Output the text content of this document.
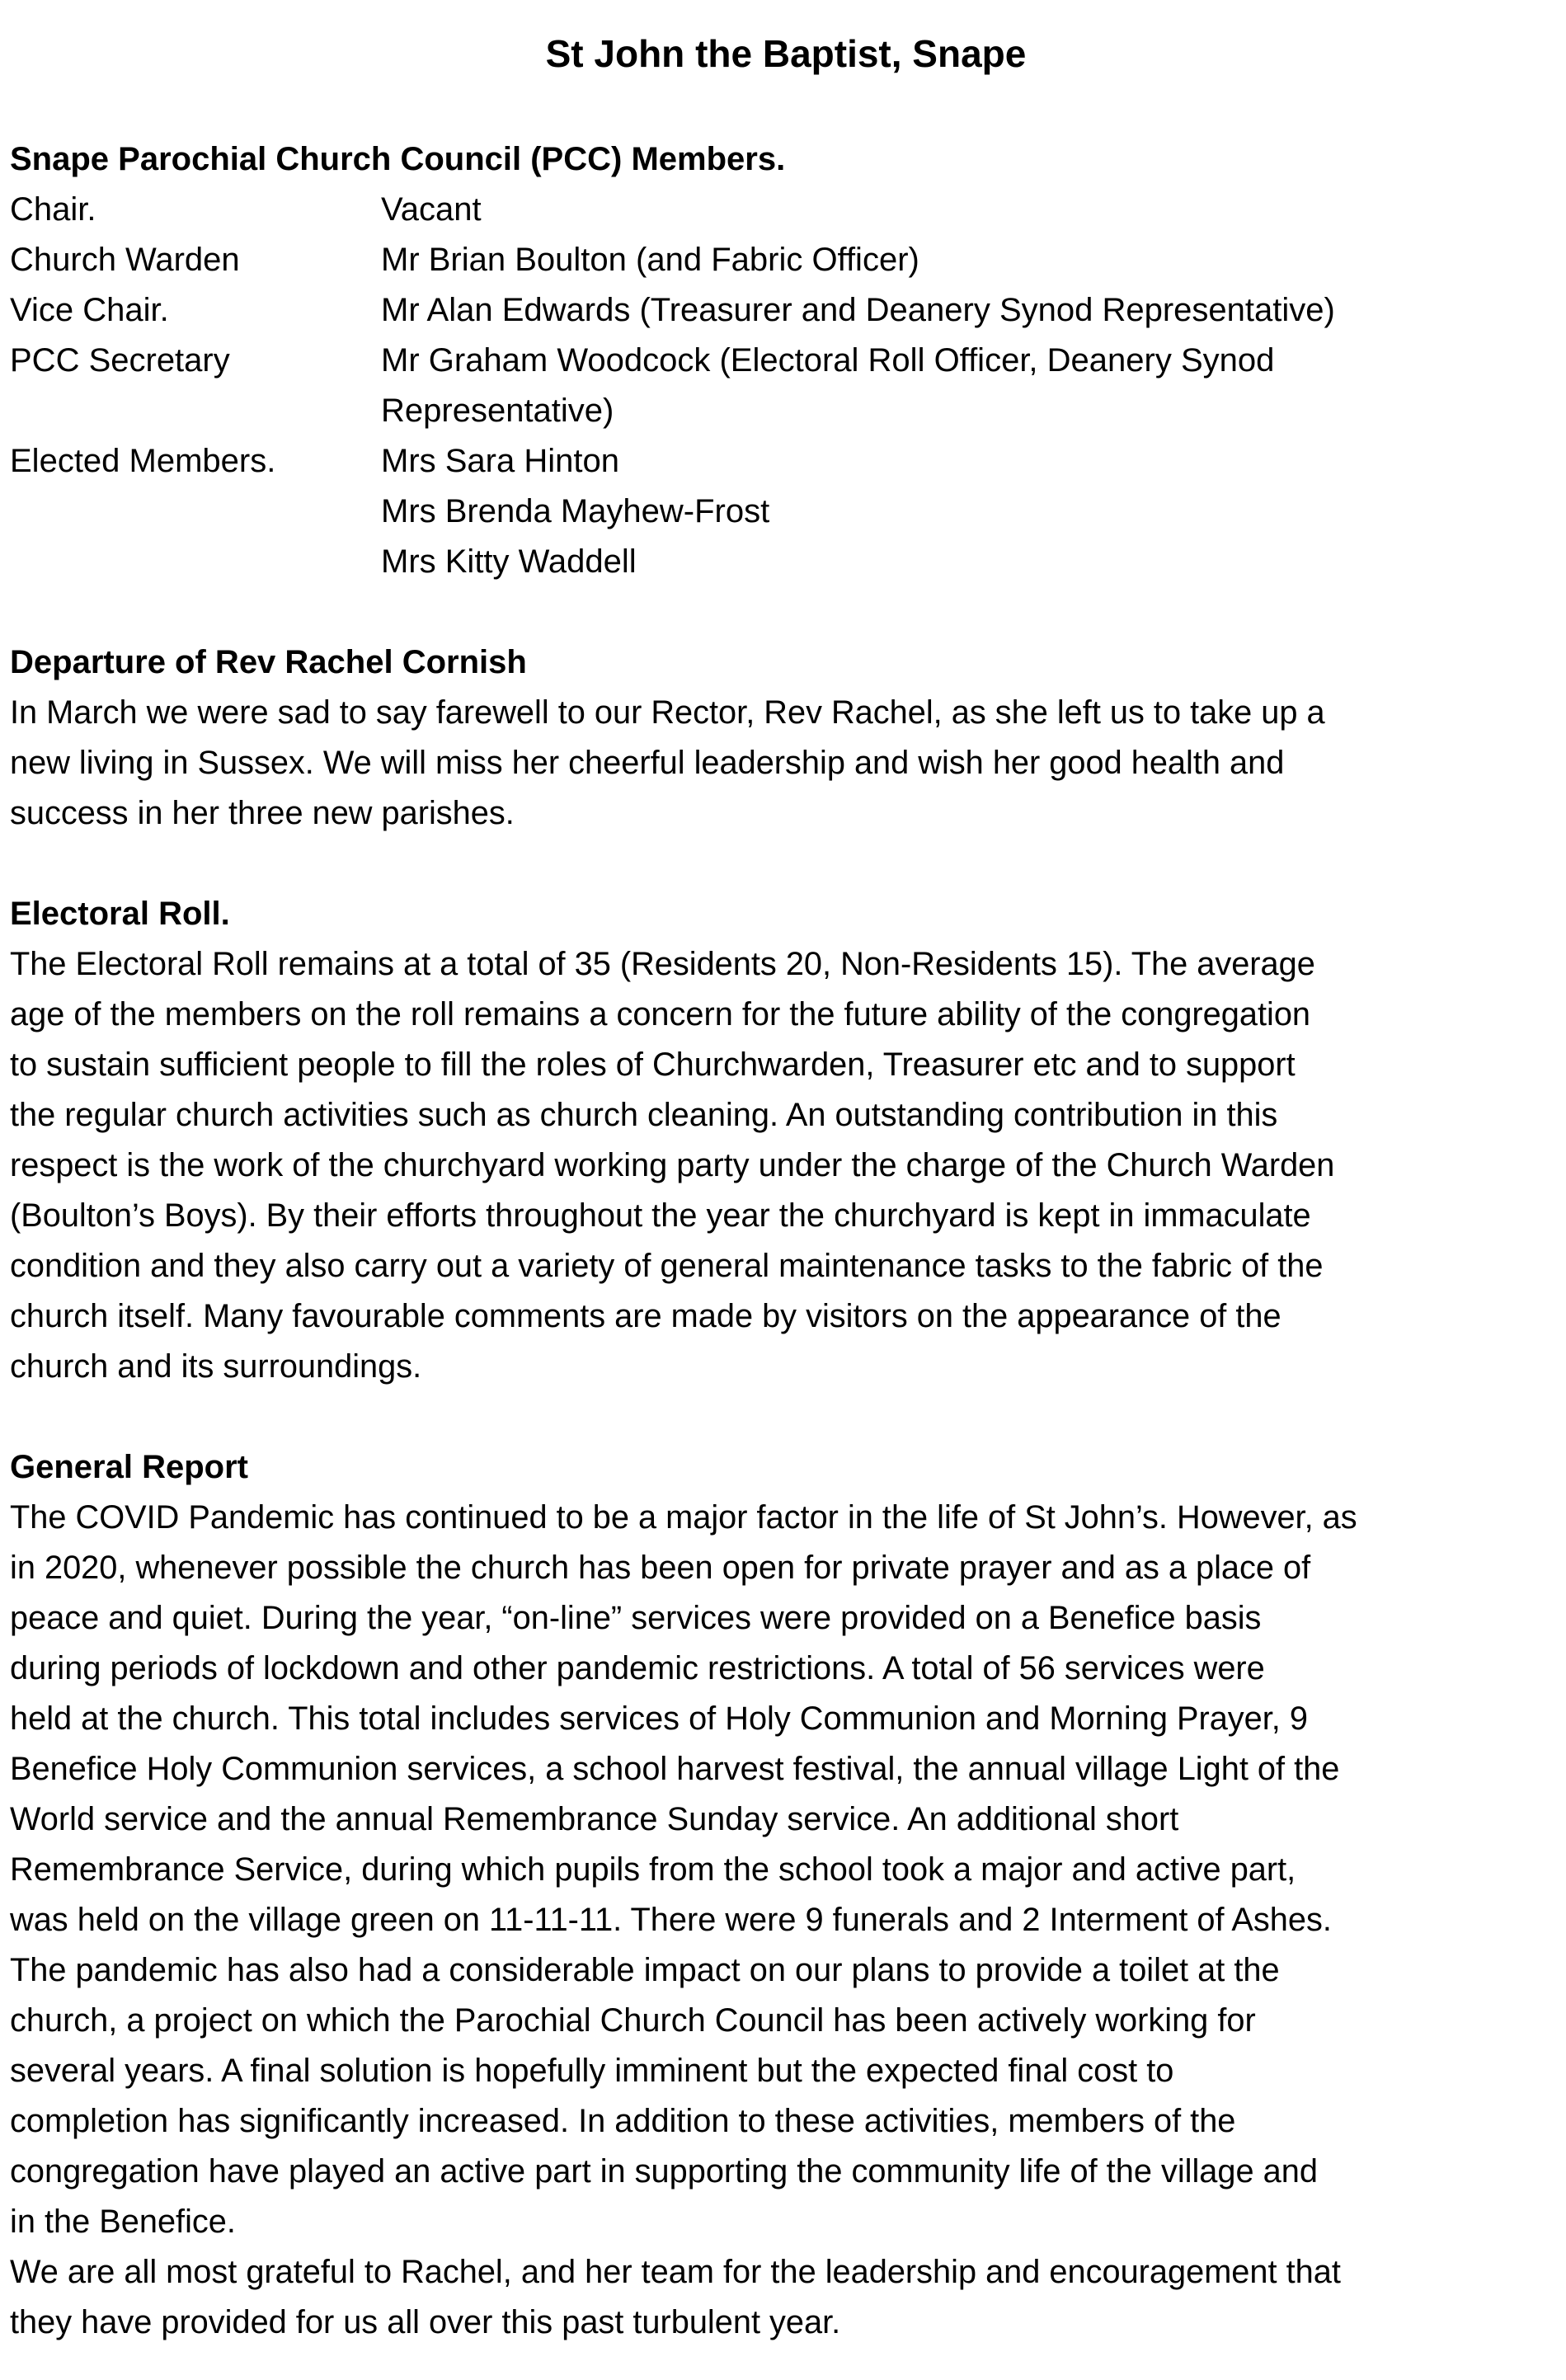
St John the Baptist, Snape
Snape Parochial Church Council (PCC) Members.
Chair.	Vacant
Church Warden	Mr Brian Boulton (and Fabric Officer)
Vice Chair.	Mr Alan Edwards (Treasurer and Deanery Synod Representative)
PCC Secretary	Mr Graham Woodcock (Electoral Roll Officer, Deanery Synod
Representative)
Elected Members.	Mrs Sara Hinton
Mrs Brenda Mayhew-Frost
Mrs Kitty Waddell
Departure of Rev Rachel Cornish
In March we were sad to say farewell to our Rector, Rev Rachel, as she left us to take up a
new living in Sussex. We will miss her cheerful leadership and wish her good health and
success in her three new parishes.
Electoral Roll.
The Electoral Roll remains at a total of 35 (Residents 20, Non-Residents 15). The average
age of the members on the roll remains a concern for the future ability of the congregation
to sustain sufficient people to fill the roles of Churchwarden, Treasurer etc and to support
the regular church activities such as church cleaning. An outstanding contribution in this
respect is the work of the churchyard working party under the charge of the Church Warden
(Boulton’s Boys). By their efforts throughout the year the churchyard is kept in immaculate
condition and they also carry out a variety of general maintenance tasks to the fabric of the
church itself. Many favourable comments are made by visitors on the appearance of the
church and its surroundings.
General Report
The COVID Pandemic has continued to be a major factor in the life of St John’s. However, as
in 2020, whenever possible the church has been open for private prayer and as a place of
peace and quiet. During the year, “on-line” services were provided on a Benefice basis
during periods of lockdown and other pandemic restrictions. A total of 56 services were
held at the church. This total includes services of Holy Communion and Morning Prayer, 9
Benefice Holy Communion services, a school harvest festival, the annual village Light of the
World service and the annual Remembrance Sunday service. An additional short
Remembrance Service, during which pupils from the school took a major and active part,
was held on the village green on 11-11-11. There were 9 funerals and 2 Interment of Ashes.
The pandemic has also had a considerable impact on our plans to provide a toilet at the
church, a project on which the Parochial Church Council has been actively working for
several years. A final solution is hopefully imminent but the expected final cost to
completion has significantly increased. In addition to these activities, members of the
congregation have played an active part in supporting the community life of the village and
in the Benefice.
We are all most grateful to Rachel, and her team for the leadership and encouragement that
they have provided for us all over this past turbulent year.
